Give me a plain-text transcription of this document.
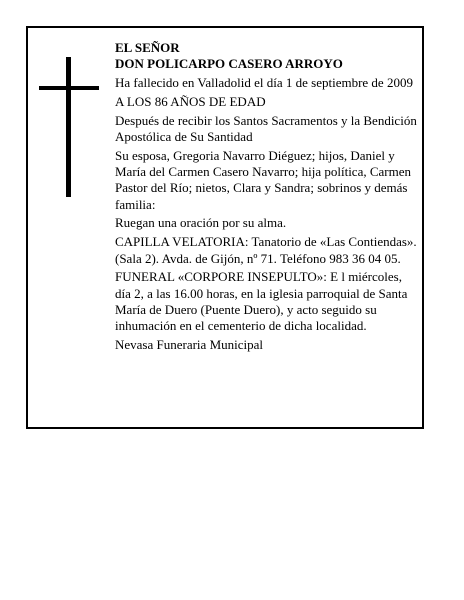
EL SEÑOR

DON POLICARPO CASERO ARROYO

Ha fallecido en Valladolid el día 1 de septiembre de 2009

A LOS 86 AÑOS DE EDAD

Después de recibir los Santos Sacramentos y la Bendición Apostólica de Su Santidad

Su esposa, Gregoria Navarro Diéguez; hijos, Daniel y María del Carmen Casero Navarro; hija política, Carmen Pastor del Río; nietos, Clara y Sandra; sobrinos y demás familia:

Ruegan una oración por su alma.

CAPILLA VELATORIA: Tanatorio de «Las Contiendas». (Sala 2). Avda. de Gijón, nº 71. Teléfono 983 36 04 05.

FUNERAL «CORPORE INSEPULTO»: E l miércoles, día 2, a las 16.00 horas, en la iglesia parroquial de Santa María de Duero (Puente Duero), y acto seguido su inhumación en el cementerio de dicha localidad.

Nevasa Funeraria Municipal
